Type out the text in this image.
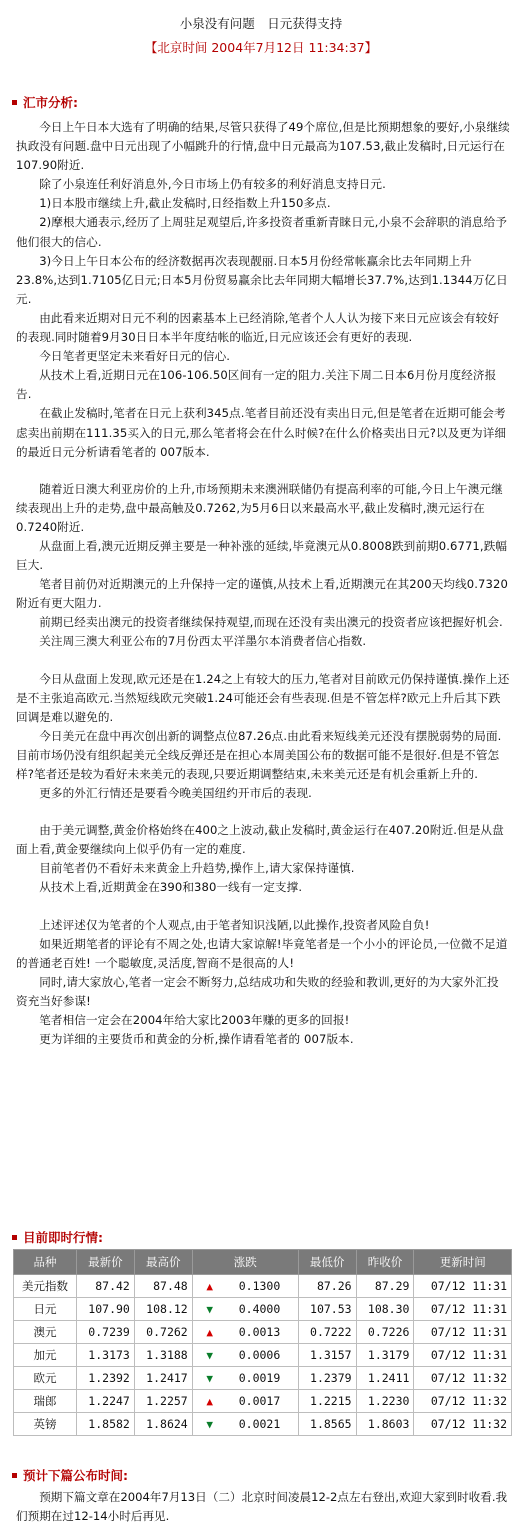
小泉没有问题　日元获得支持
【北京时间 2004年7月12日 11:34:37】
汇市分析:

今日上午日本大选有了明确的结果,尽管只获得了49个席位,但是比预期想象的要好,小泉继续执政没有问题.盘中日元出现了小幅跳升的行情,盘中日元最高为107.53,截止发稿时,日元运行在107.90附近.

除了小泉连任利好消息外,今日市场上仍有较多的利好消息支持日元.

1)日本股市继续上升,截止发稿时,日经指数上升150多点.

2)摩根大通表示,经历了上周驻足观望后,许多投资者重新青睐日元,小泉不会辞职的消息给予他们很大的信心.

3)今日上午日本公布的经济数据再次表现靓丽.日本5月份经常帐赢余比去年同期上升23.8%,达到1.7105亿日元;日本5月份贸易赢余比去年同期大幅增长37.7%,达到1.1344万亿日元.

由此看来近期对日元不利的因素基本上已经消除,笔者个人人认为接下来日元应该会有较好的表现.同时随着9月30日日本半年度结帐的临近,日元应该还会有更好的表现.

今日笔者更坚定未来看好日元的信心.

从技术上看,近期日元在106-106.50区间有一定的阻力.关注下周二日本6月份月度经济报告.

在截止发稿时,笔者在日元上获利345点.笔者目前还没有卖出日元,但是笔者在近期可能会考虑卖出前期在111.35买入的日元,那么笔者将会在什么时候?在什么价格卖出日元?以及更为详细的最近日元分析请看笔者的 007版本.

随着近日澳大利亚房价的上升,市场预期未来澳洲联储仍有提高利率的可能,今日上午澳元继续表现出上升的走势,盘中最高触及0.7262,为5月6日以来最高水平,截止发稿时,澳元运行在0.7240附近.

从盘面上看,澳元近期反弹主要是一种补涨的延续,毕竟澳元从0.8008跌到前期0.6771,跌幅巨大.

笔者目前仍对近期澳元的上升保持一定的谨慎,从技术上看,近期澳元在其200天均线0.7320附近有更大阻力.

前期已经卖出澳元的投资者继续保持观望,而现在还没有卖出澳元的投资者应该把握好机会.

关注周三澳大利亚公布的7月份西太平洋墨尔本消费者信心指数.

今日从盘面上发现,欧元还是在1.24之上有较大的压力,笔者对目前欧元仍保持谨慎.操作上还是不主张追高欧元.当然短线欧元突破1.24可能还会有些表现.但是不管怎样?欧元上升后其下跌回调是难以避免的.

今日美元在盘中再次创出新的调整点位87.26点.由此看来短线美元还没有摆脱弱势的局面.目前市场仍没有组织起美元全线反弹还是在担心本周美国公布的数据可能不是很好.但是不管怎样?笔者还是较为看好未来美元的表现,只要近期调整结束,未来美元还是有机会重新上升的.

更多的外汇行情还是要看今晚美国纽约开市后的表现.

由于美元调整,黄金价格始终在400之上波动,截止发稿时,黄金运行在407.20附近.但是从盘面上看,黄金要继续向上似乎仍有一定的难度.

目前笔者仍不看好未来黄金上升趋势,操作上,请大家保持谨慎.

从技术上看,近期黄金在390和380一线有一定支撑.

上述评述仅为笔者的个人观点,由于笔者知识浅陋,以此操作,投资者风险自负!

如果近期笔者的评论有不周之处,也请大家谅解!毕竟笔者是一个小小的评论员,一位微不足道的普通老百姓! 一个聪敏度,灵活度,智商不是很高的人!

同时,请大家放心,笔者一定会不断努力,总结成功和失败的经验和教训,更好的为大家外汇投资充当好参谋!

笔者相信一定会在2004年给大家比2003年赚的更多的回报!

更为详细的主要货币和黄金的分析,操作请看笔者的 007版本.

目前即时行情:
品种	最新价	最高价	涨跌	最低价	昨收价	更新时间
美元指数	87.42	87.48	▲ 0.1300	87.26	87.29	07/12 11:31
日元	107.90	108.12	▼ 0.4000	107.53	108.30	07/12 11:31
澳元	0.7239	0.7262	▲ 0.0013	0.7222	0.7226	07/12 11:31
加元	1.3173	1.3188	▼ 0.0006	1.3157	1.3179	07/12 11:31
欧元	1.2392	1.2417	▼ 0.0019	1.2379	1.2411	07/12 11:32
瑞郎	1.2247	1.2257	▲ 0.0017	1.2215	1.2230	07/12 11:32
英镑	1.8582	1.8624	▼ 0.0021	1.8565	1.8603	07/12 11:32
预计下篇公布时间:

预期下篇文章在2004年7月13日（二）北京时间凌晨12-2点左右登出,欢迎大家到时收看.我们预期在过12-14小时后再见.
